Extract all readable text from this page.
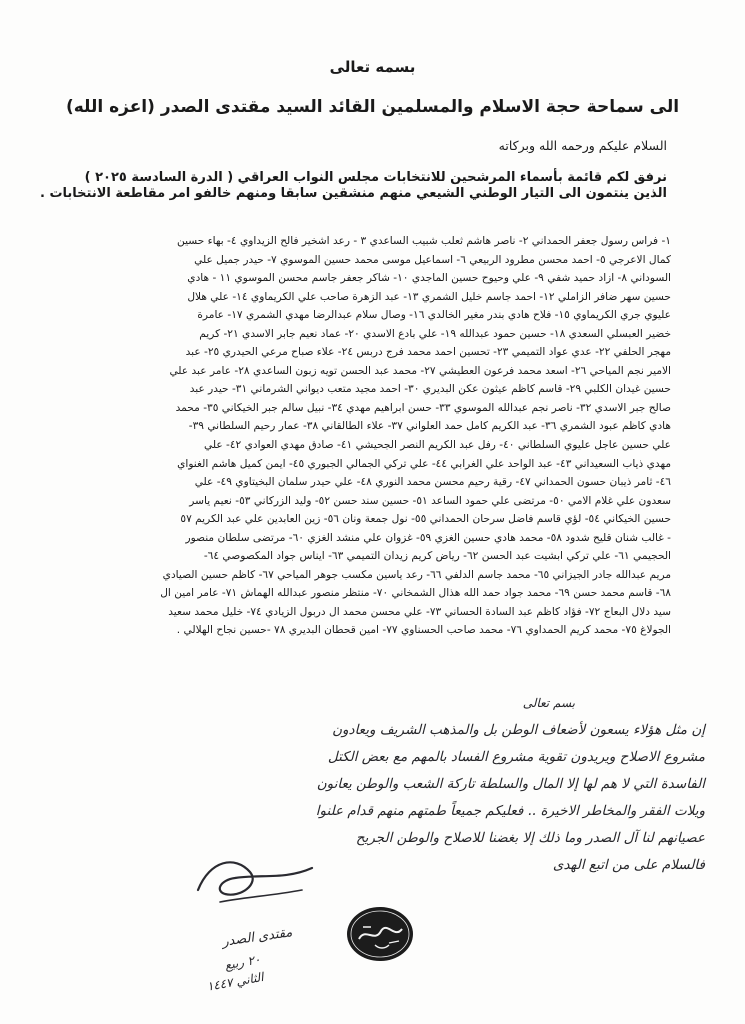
بسمه تعالى
الى سماحة حجة الاسلام والمسلمين القائد السيد مقتدى الصدر (اعزه الله)
السلام عليكم ورحمه الله وبركاته
نرفق لكم قائمة بأسماء المرشحين للانتخابات مجلس النواب العراقي ( الدرة السادسة ٢٠٢٥ )
الذين ينتمون الى التيار الوطني الشيعي منهم منشقين سابقا ومنهم خالفو امر مقاطعة الانتخابات .
١- فراس رسول جعفر الحمداني ٢- ناصر هاشم ثعلب شبيب الساعدي ٣ - رعد اشخير فالح الزيداوي ٤- بهاء حسين
كمال الاعرجي ٥- احمد محسن مطرود الربيعي ٦- اسماعيل موسى محمد حسين الموسوي ٧- حيدر جميل علي
السوداني ٨- ازاد حميد شفي ٩- علي وحيوح حسين الماجدي ١٠- شاكر جعفر جاسم محسن الموسوي ١١ - هادي
حسين سهر ضافر الزاملي ١٢- احمد جاسم خليل الشمري ١٣- عبد الزهرة صاحب علي الكريماوي ١٤- علي هلال
عليوي جري الكريماوي ١٥- فلاح هادي بندر مغير الخالدي ١٦- وصال سلام عبدالرضا مهدي الشمري ١٧- عامرة
خضير العبسلي السعدي ١٨- حسين حمود عبدالله ١٩- علي بادع الاسدي ٢٠- عماد نعيم جابر الاسدي ٢١- كريم
مهجر الحلفي ٢٢- عدي عواد التميمي ٢٣- تحسين احمد محمد فرج دربس ٢٤- علاء صباح مرعي الحيدري ٢٥- عبد
الامير نجم المياحي ٢٦- اسعد محمد فرعون العطيشي ٢٧- محمد عبد الحسن تويه زبون الساعدي ٢٨- عامر عبد علي
حسين غيدان الكلبي ٢٩- قاسم كاظم عيثون عكن البديري ٣٠- احمد مجيد متعب ديواني الشرماني ٣١- حيدر عبد
صالح جبر الاسدي ٣٢- ناصر نجم عبدالله الموسوي ٣٣- حسن ابراهيم مهدي ٣٤- نبيل سالم جبر الخيكاني ٣٥- محمد
هادي كاظم عبود الشمري ٣٦- عبد الكريم كامل حمد العلواني ٣٧- علاء الطالقاني ٣٨- عمار رحيم السلطاني ٣٩-
علي حسين عاجل عليوي السلطاني ٤٠- رفل عبد الكريم النصر الجحيشي ٤١- صادق مهدي العوادي ٤٢- علي
مهدي ذياب السعيداني ٤٣- عبد الواحد علي الغرابي ٤٤- علي تركي الجمالي الجبوري ٤٥- ايمن كميل هاشم الغنواي
٤٦- ثامر ذيبان حسون الحمداني ٤٧- رقية رحيم محسن محمد النوري ٤٨- علي حيدر سلمان البخيتاوي ٤٩- علي
سعدون علي غلام الامي ٥٠- مرتضى علي حمود الساعد ٥١- حسين سند حسن ٥٢- وليد الزركاني ٥٣- نعيم ياسر
حسين الخيكاني ٥٤- لؤي قاسم فاضل سرحان الحمداني ٥٥- نول جمعة ونان ٥٦- زين العابدين علي عبد الكريم ٥٧
- غالب شنان قليح شدود ٥٨- محمد هادي حسين الغزي ٥٩- غزوان علي منشد الغزي ٦٠- مرتضى سلطان منصور
الحجيمي ٦١- علي تركي ابشيت عبد الحسن ٦٢- رياض كريم زيدان التميمي ٦٣- ايناس جواد المكصوصي ٦٤-
مريم عبدالله جادر الجيزاني ٦٥- محمد جاسم الدلفي ٦٦- رعد ياسين مكسب جوهر المياحي ٦٧- كاظم حسين الصيادي
٦٨- قاسم محمد حسن ٦٩- محمد جواد حمد الله هذال الشمخاني ٧٠- منتظر منصور عبدالله الهماش ٧١- عامر امين ال
سيد دلال البعاج ٧٢- فؤاد كاظم عبد السادة الحساني ٧٣- علي محسن محمد ال دربول الزيادي ٧٤- خليل محمد سعيد
الجولاغ ٧٥- محمد كريم الحمداوي ٧٦- محمد صاحب الحسناوي ٧٧- امين قحطان البديري ٧٨ -حسين نجاح الهلالي .
بسم تعالى
إن مثل هؤلاء يسعون لأضعاف الوطن بل والمذهب الشريف ويعادون
مشروع الاصلاح ويريدون تقوية مشروع الفساد بالمهم مع بعض الكتل
الفاسدة التي لا هم لها إلا المال والسلطة تاركة الشعب والوطن يعانون
ويلات الفقر والمخاطر الاخيرة .. فعليكم جميعاً طمتهم منهم قدام علنوا
عصيانهم لنا آل الصدر وما ذلك إلا بغضنا للاصلاح والوطن الجريح
فالسلام على من اتبع الهدى
مقتدى الصدر
٢٠ ربيع
الثاني ١٤٤٧
